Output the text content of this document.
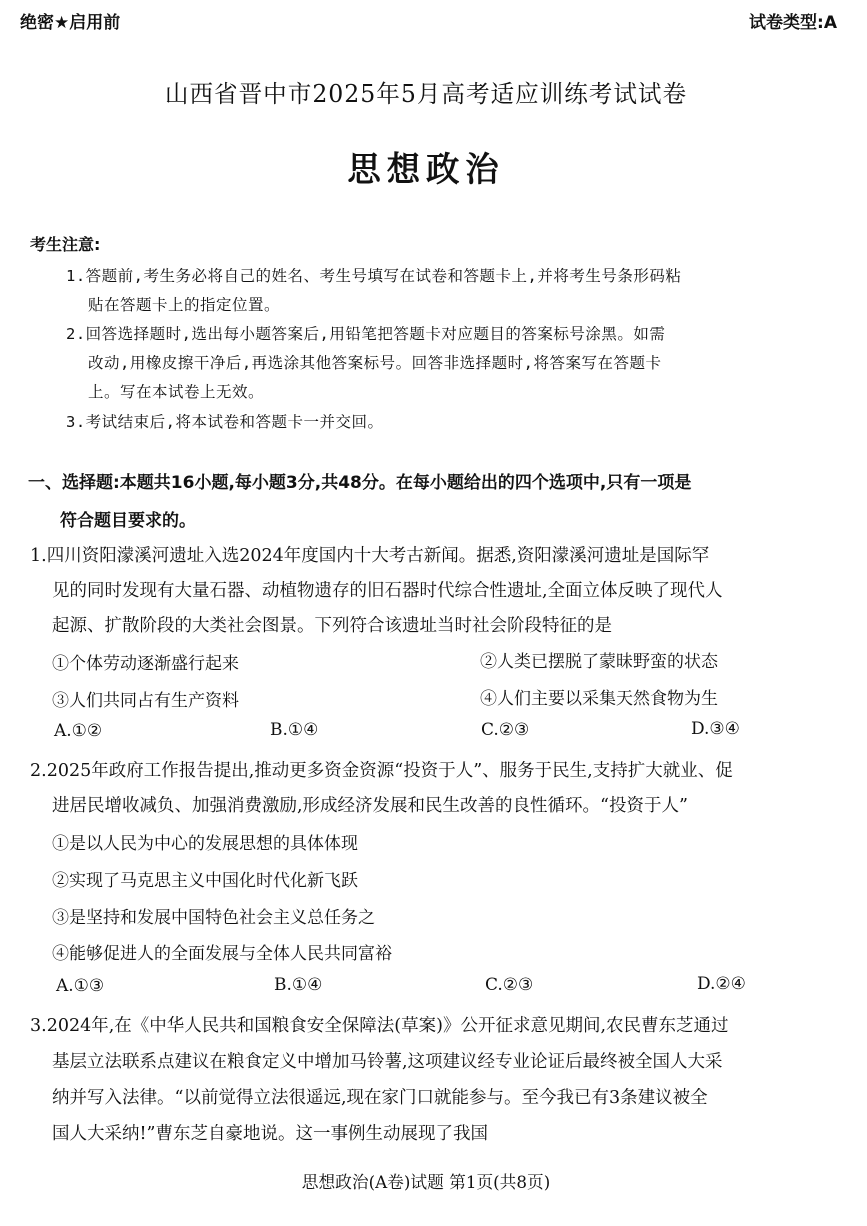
绝密★启用前	试卷类型:A
山西省晋中市2025年5月高考适应训练考试试卷
思想政治
考生注意:
1.答题前,考生务必将自己的姓名、考生号填写在试卷和答题卡上,并将考生号条形码粘
贴在答题卡上的指定位置。
2.回答选择题时,选出每小题答案后,用铅笔把答题卡对应题目的答案标号涂黑。如需
改动,用橡皮擦干净后,再选涂其他答案标号。回答非选择题时,将答案写在答题卡
上。写在本试卷上无效。
3.考试结束后,将本试卷和答题卡一并交回。
一、选择题:本题共16小题,每小题3分,共48分。在每小题给出的四个选项中,只有一项是
符合题目要求的。
1.四川资阳濛溪河遗址入选2024年度国内十大考古新闻。据悉,资阳濛溪河遗址是国际罕
见的同时发现有大量石器、动植物遗存的旧石器时代综合性遗址,全面立体反映了现代人
起源、扩散阶段的大类社会图景。下列符合该遗址当时社会阶段特征的是
①个体劳动逐渐盛行起来	②人类已摆脱了蒙昧野蛮的状态
③人们共同占有生产资料	④人们主要以采集天然食物为生
A.①②	B.①④	C.②③	D.③④
2.2025年政府工作报告提出,推动更多资金资源“投资于人”、服务于民生,支持扩大就业、促
进居民增收减负、加强消费激励,形成经济发展和民生改善的良性循环。“投资于人”
①是以人民为中心的发展思想的具体体现
②实现了马克思主义中国化时代化新飞跃
③是坚持和发展中国特色社会主义总任务之
④能够促进人的全面发展与全体人民共同富裕
A.①③	B.①④	C.②③	D.②④
3.2024年,在《中华人民共和国粮食安全保障法(草案)》公开征求意见期间,农民曹东芝通过
基层立法联系点建议在粮食定义中增加马铃薯,这项建议经专业论证后最终被全国人大采
纳并写入法律。“以前觉得立法很遥远,现在家门口就能参与。至今我已有3条建议被全
国人大采纳!”曹东芝自豪地说。这一事例生动展现了我国
思想政治(A卷)试题 第1页(共8页)
